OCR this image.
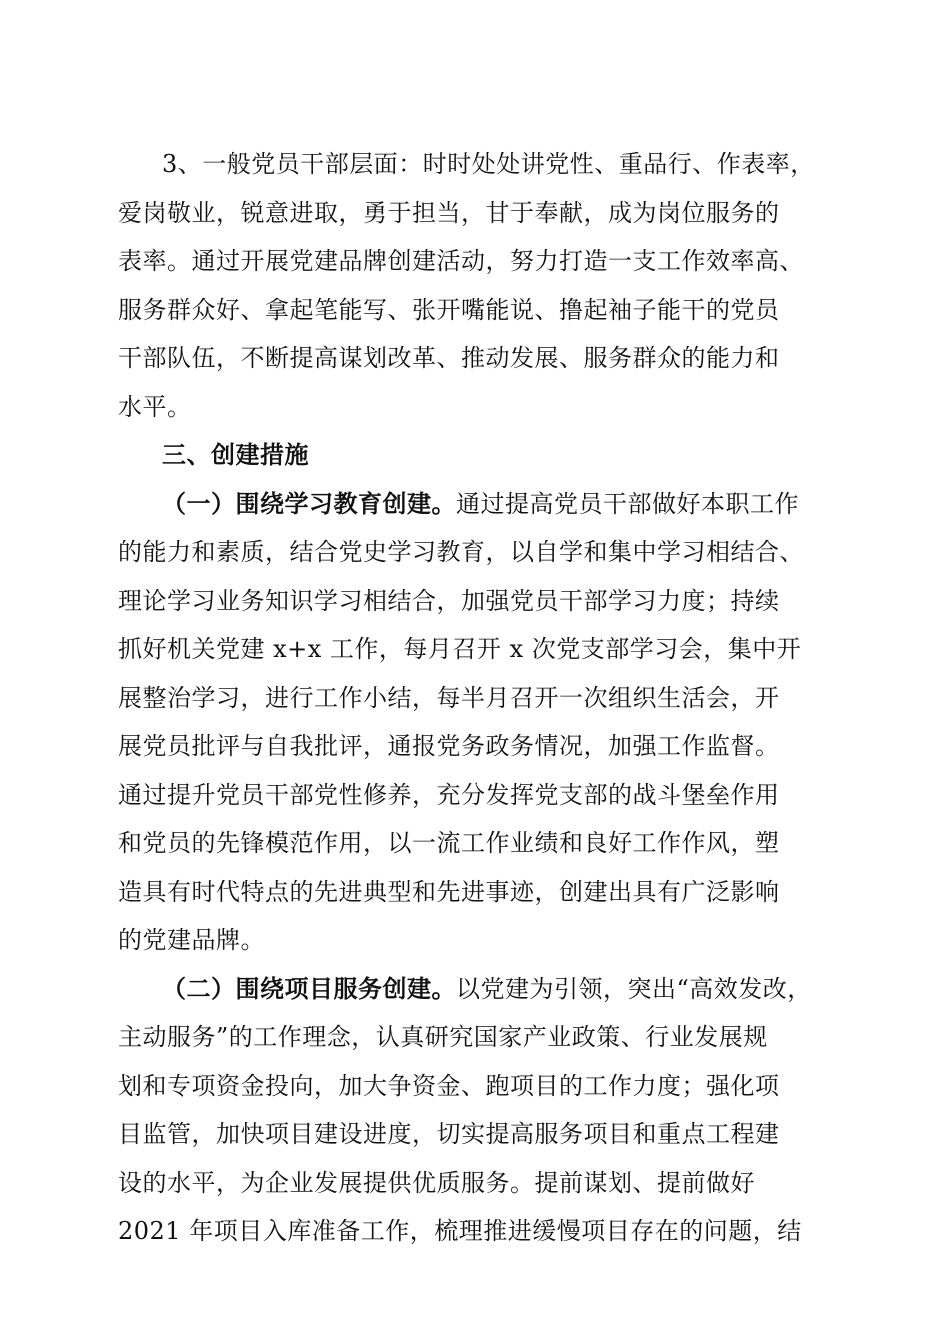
3、一般党员干部层面：时时处处讲党性、重品行、作表率，
爱岗敬业，锐意进取，勇于担当，甘于奉献，成为岗位服务的
表率。通过开展党建品牌创建活动，努力打造一支工作效率高、
服务群众好、拿起笔能写、张开嘴能说、撸起袖子能干的党员
干部队伍，不断提高谋划改革、推动发展、服务群众的能力和
水平。
三、创建措施
（一）围绕学习教育创建。通过提高党员干部做好本职工作
的能力和素质，结合党史学习教育，以自学和集中学习相结合、
理论学习业务知识学习相结合，加强党员干部学习力度；持续
抓好机关党建 x+x 工作，每月召开 x 次党支部学习会，集中开
展整治学习，进行工作小结，每半月召开一次组织生活会，开
展党员批评与自我批评，通报党务政务情况，加强工作监督。
通过提升党员干部党性修养，充分发挥党支部的战斗堡垒作用
和党员的先锋模范作用，以一流工作业绩和良好工作作风，塑
造具有时代特点的先进典型和先进事迹，创建出具有广泛影响
的党建品牌。
（二）围绕项目服务创建。以党建为引领，突出“高效发改，
主动服务”的工作理念，认真研究国家产业政策、行业发展规
划和专项资金投向，加大争资金、跑项目的工作力度；强化项
目监管，加快项目建设进度，切实提高服务项目和重点工程建
设的水平，为企业发展提供优质服务。提前谋划、提前做好
2021 年项目入库准备工作，梳理推进缓慢项目存在的问题，结
